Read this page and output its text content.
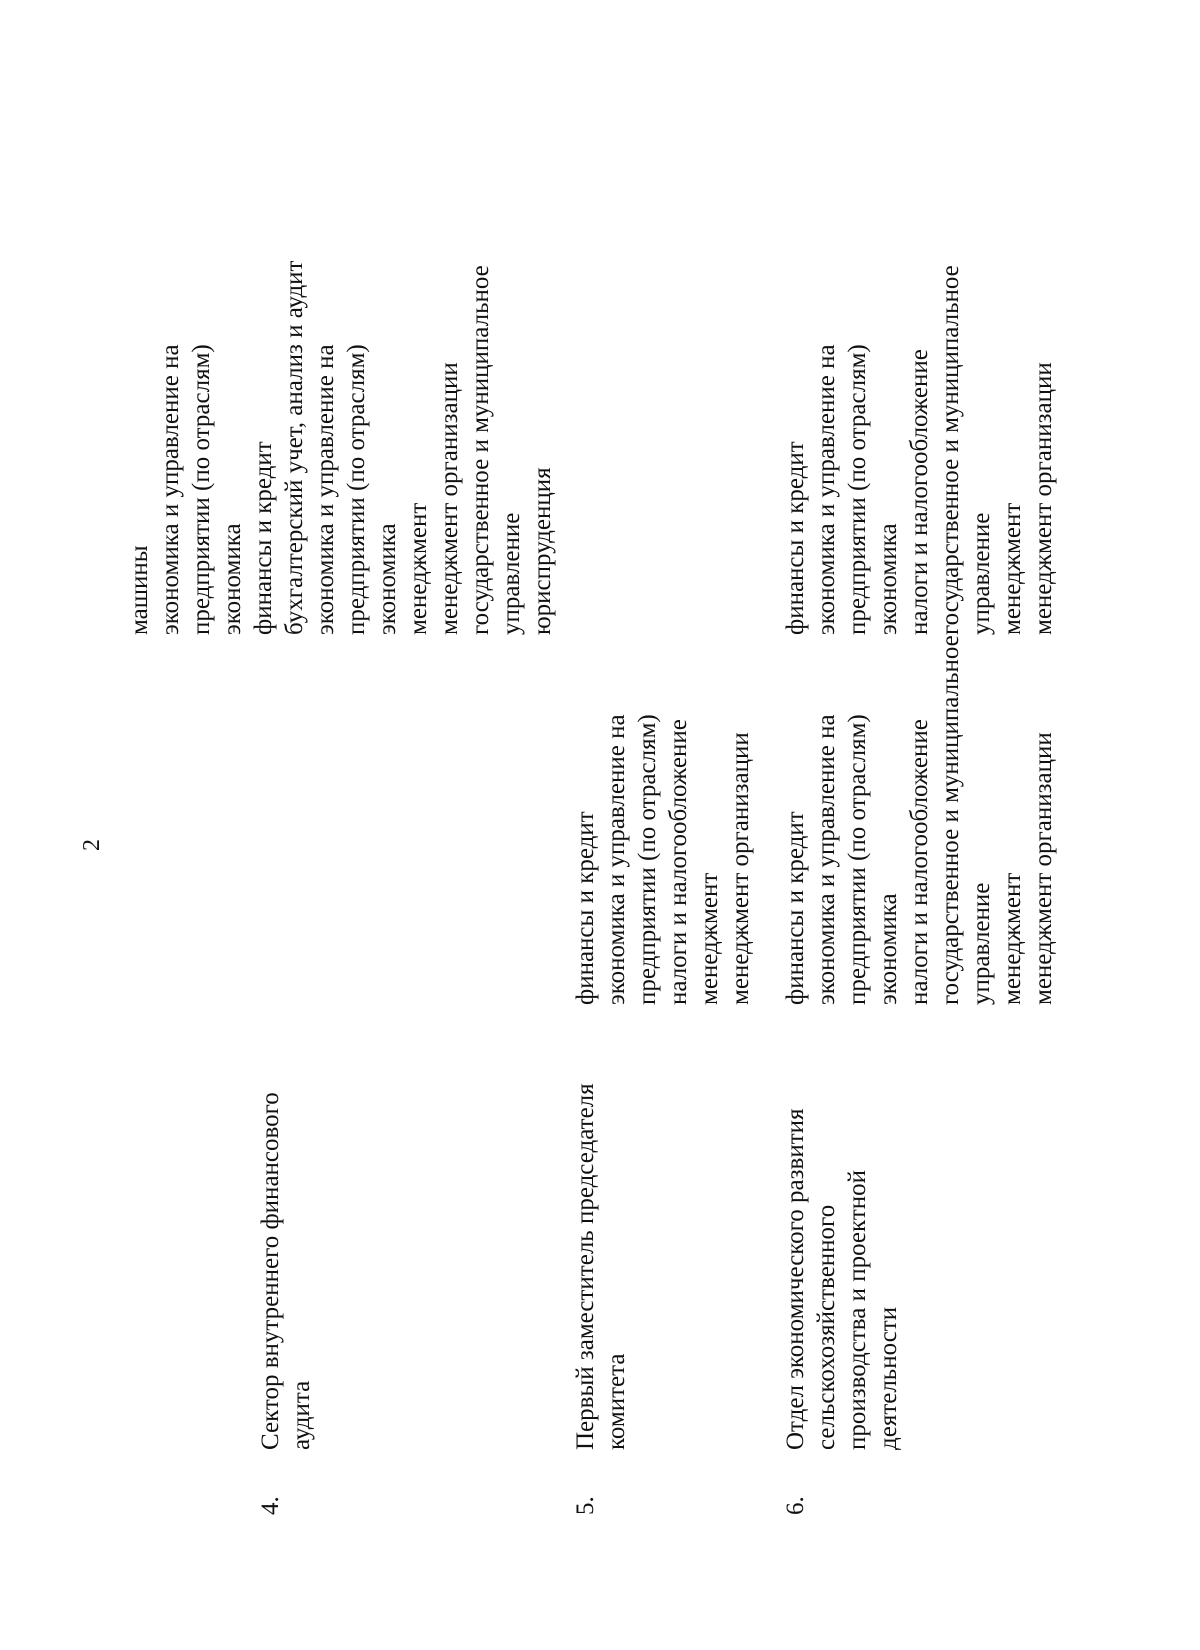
2
4.
Сектор внутреннего финансового аудита
машины экономика и управление на предприятии (по отраслям) экономика финансы и кредит бухгалтерский учет, анализ и аудит экономика и управление на предприятии (по отраслям) экономика менеджмент менеджмент организации государственное и муниципальное управление юриспруденция
5.
Первый заместитель председателя комитета
финансы и кредит экономика и управление на предприятии (по отраслям) налоги и налогообложение менеджмент менеджмент организации
6.
Отдел экономического развития сельскохозяйственного производства и проектной деятельности
финансы и кредит экономика и управление на предприятии (по отраслям) экономика налоги и налогообложение государственное и муниципальное управление менеджмент менеджмент организации
финансы и кредит экономика и управление на предприятии (по отраслям) экономика налоги и налогообложение государственное и муниципальное управление менеджмент менеджмент организации
